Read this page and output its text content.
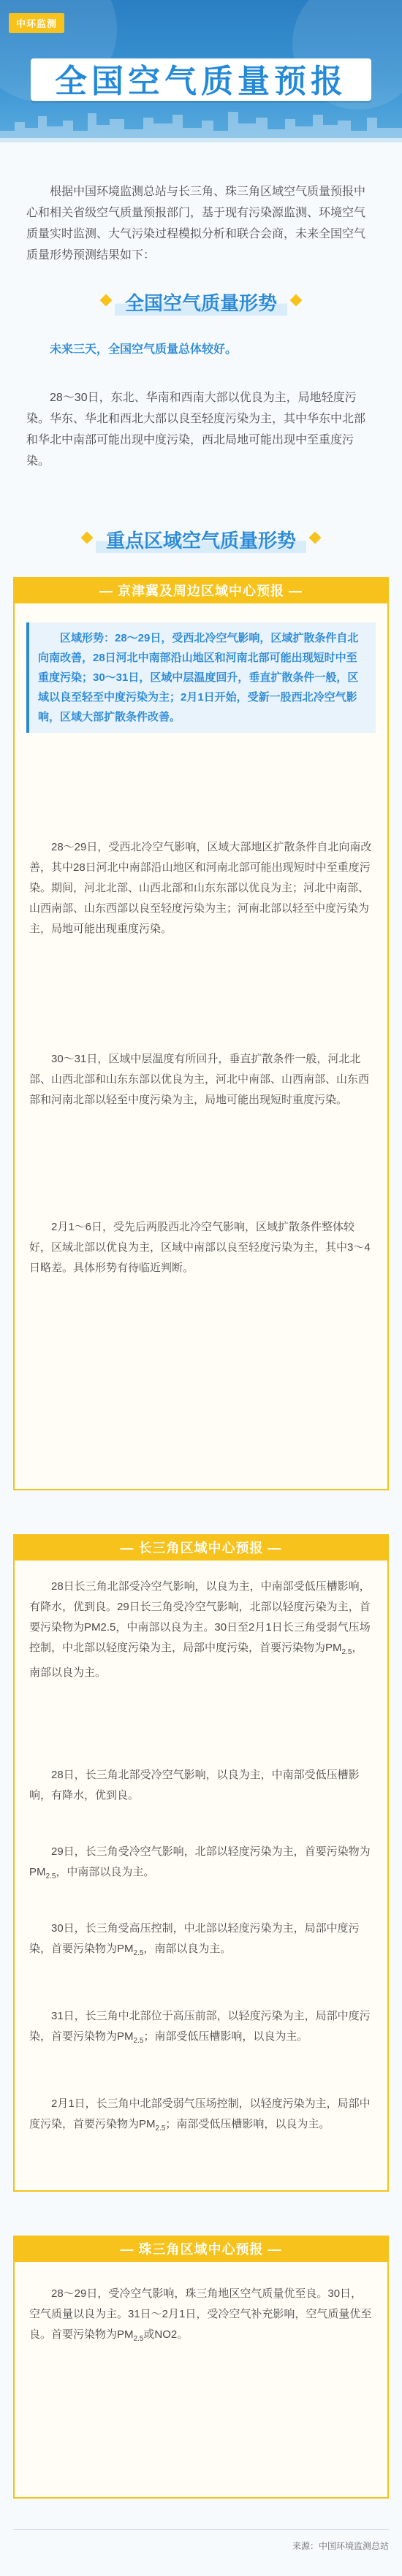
中环监测
全国空气质量预报

根据中国环境监测总站与长三角、珠三角区域空气质量预报中心和相关省级空气质量预报部门，基于现有污染源监测、环境空气质量实时监测、大气污染过程模拟分析和联合会商，未来全国空气质量形势预测结果如下：

全国空气质量形势

未来三天，全国空气质量总体较好。

28～30日，东北、华南和西南大部以优良为主，局地轻度污染。华东、华北和西北大部以良至轻度污染为主，其中华东中北部和华北中南部可能出现中度污染，西北局地可能出现中至重度污染。

重点区域空气质量形势
— 京津冀及周边区域中心预报 —

区域形势：28～29日，受西北冷空气影响，区域扩散条件自北向南改善，28日河北中南部沿山地区和河南北部可能出现短时中至重度污染；30～31日，区域中层温度回升，垂直扩散条件一般，区域以良至轻至中度污染为主；2月1日开始，受新一股西北冷空气影响，区域大部扩散条件改善。

28～29日，受西北冷空气影响，区域大部地区扩散条件自北向南改善，其中28日河北中南部沿山地区和河南北部可能出现短时中至重度污染。期间，河北北部、山西北部和山东东部以优良为主；河北中南部、山西南部、山东西部以良至轻度污染为主；河南北部以轻至中度污染为主，局地可能出现重度污染。

30～31日，区域中层温度有所回升，垂直扩散条件一般，河北北部、山西北部和山东东部以优良为主，河北中南部、山西南部、山东西部和河南北部以轻至中度污染为主，局地可能出现短时重度污染。

2月1～6日，受先后两股西北冷空气影响，区域扩散条件整体较好，区域北部以优良为主，区域中南部以良至轻度污染为主，其中3～4日略差。具体形势有待临近判断。

— 长三角区域中心预报 —

28日长三角北部受冷空气影响，以良为主，中南部受低压槽影响，有降水，优到良。29日长三角受冷空气影响，北部以轻度污染为主，首要污染物为PM2.5，中南部以良为主。30日至2月1日长三角受弱气压场控制，中北部以轻度污染为主，局部中度污染，首要污染物为$PM_{2.5}$，南部以良为主。

28日，长三角北部受冷空气影响，以良为主，中南部受低压槽影响，有降水，优到良。

29日，长三角受冷空气影响，北部以轻度污染为主，首要污染物为$PM_{2.5}$，中南部以良为主。

30日，长三角受高压控制，中北部以轻度污染为主，局部中度污染，首要污染物为$PM_{2.5}$，南部以良为主。

31日，长三角中北部位于高压前部，以轻度污染为主，局部中度污染，首要污染物为$PM_{2.5}$；南部受低压槽影响，以良为主。

2月1日，长三角中北部受弱气压场控制，以轻度污染为主，局部中度污染，首要污染物为$PM_{2.5}$；南部受低压槽影响，以良为主。

— 珠三角区域中心预报 —

28～29日，受冷空气影响，珠三角地区空气质量优至良。30日，空气质量以良为主。31日～2月1日，受冷空气补充影响，空气质量优至良。首要污染物为$PM_{2.5}$或NO2。

来源：中国环境监测总站
